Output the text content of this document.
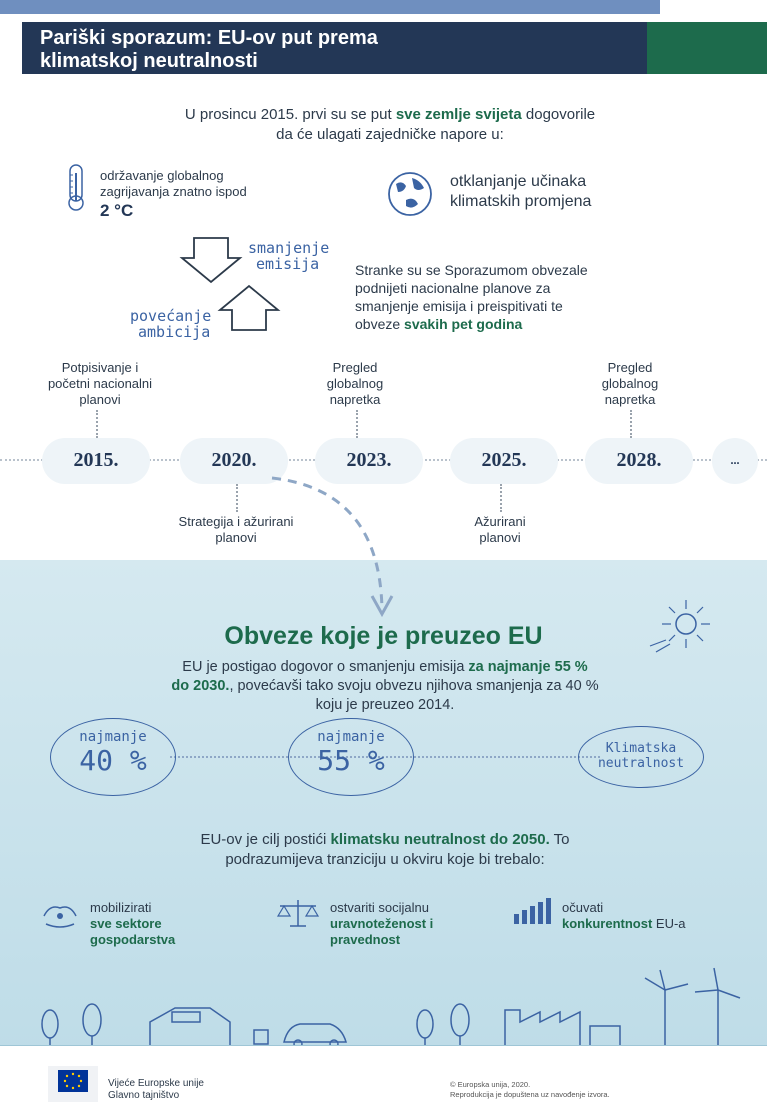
Pariški sporazum: EU-ov put prema
klimatskoj neutralnosti
U prosincu 2015. prvi su se put sve zemlje svijeta dogovorile
da će ulagati zajedničke napore u:
održavanje globalnog
zagrijavanja znatno ispod
2 °C
otklanjanje učinaka
klimatskih promjena
smanjenje
emisija
povećanje
ambicija
Stranke su se Sporazumom obvezale
podnijeti nacionalne planove za
smanjenje emisija i preispitivati te
obveze svakih pet godina
Potpisivanje i
početni nacionalni
planovi
Pregled
globalnog
napretka
Pregled
globalnog
napretka
2015.	2020.	2023.	2025.	2028.	...
Strategija i ažurirani
planovi
Ažurirani
planovi
Obveze koje je preuzeo EU
EU je postigao dogovor o smanjenju emisija za najmanje 55 %
do 2030., povećavši tako svoju obvezu njihova smanjenja za 40 %
koju je preuzeo 2014.
najmanje
40 %
najmanje
55 %	Klimatska
neutralnost
EU-ov je cilj postići klimatsku neutralnost do 2050. To
podrazumijeva tranziciju u okviru koje bi trebalo:
mobilizirati
sve sektore
gospodarstva
ostvariti socijalnu
uravnoteženost i
pravednost
očuvati
konkurentnost EU-a
Vijeće Europske unije
Glavno tajništvo
© Europska unija, 2020.
Reprodukcija je dopuštena uz navođenje izvora.
